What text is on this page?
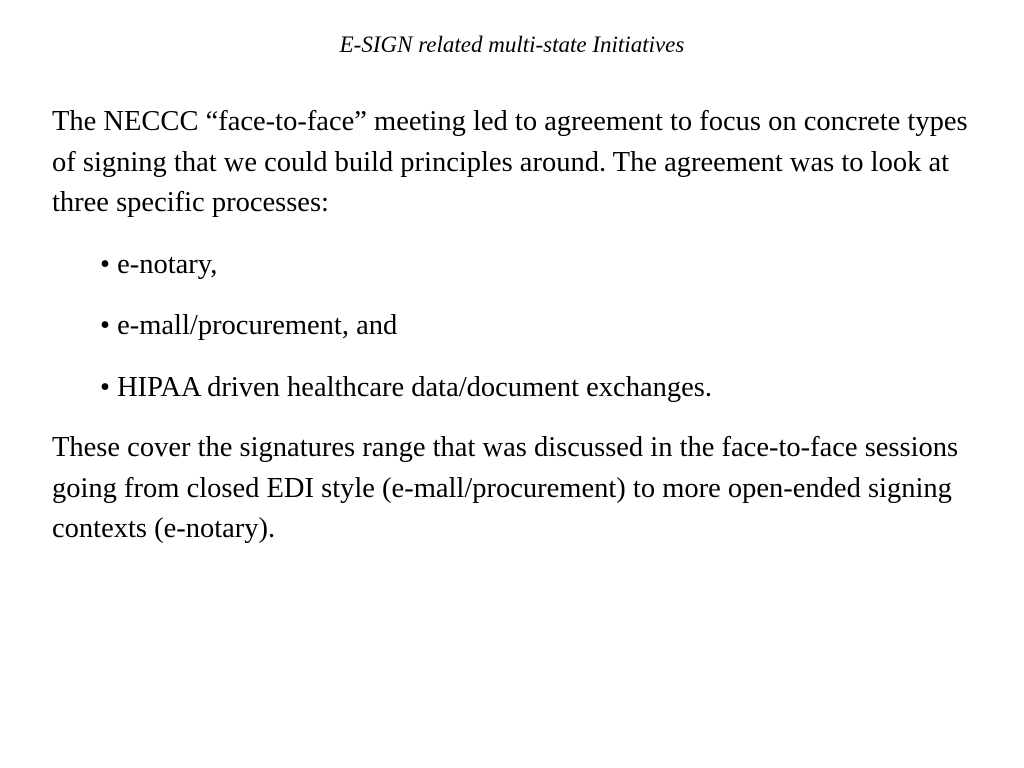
E-SIGN related multi-state Initiatives

The NECCC “face-to-face” meeting led to agreement to focus on concrete types of signing that we could build principles around. The agreement was to look at three specific processes:

• e-notary,
• e-mall/procurement, and
• HIPAA driven healthcare data/document exchanges.

These cover the signatures range that was discussed in the face-to-face sessions going from closed EDI style (e-mall/procurement) to more open-ended signing contexts (e-notary).
